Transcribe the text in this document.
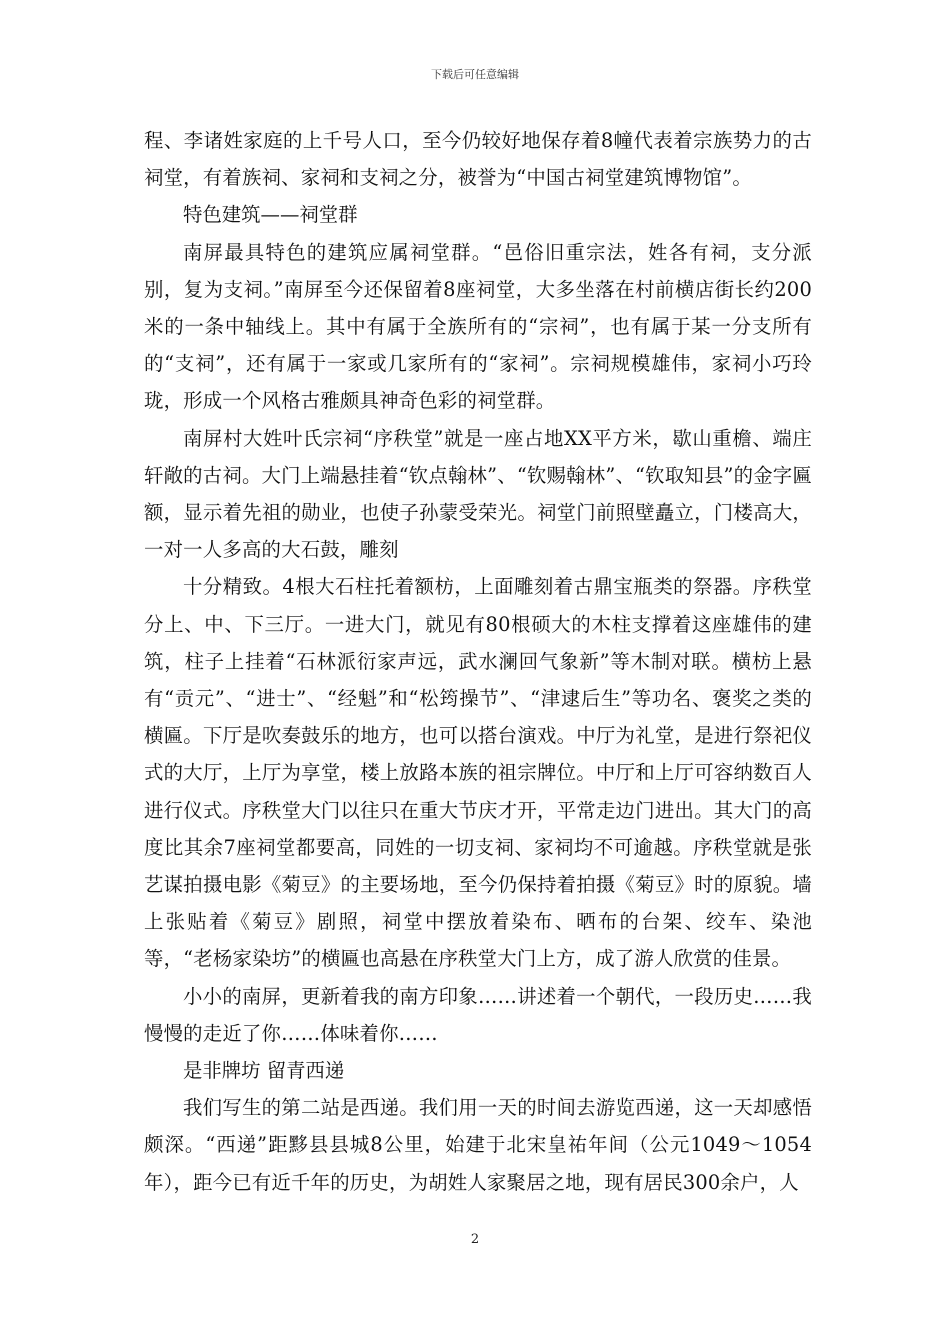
下载后可任意编辑

程、李诸姓家庭的上千号人口，至今仍较好地保存着8幢代表着宗族势力的古祠堂，有着族祠、家祠和支祠之分，被誉为“中国古祠堂建筑博物馆”。

特色建筑——祠堂群

南屏最具特色的建筑应属祠堂群。“邑俗旧重宗法，姓各有祠，支分派别，复为支祠。”南屏至今还保留着8座祠堂，大多坐落在村前横店街长约200米的一条中轴线上。其中有属于全族所有的“宗祠”，也有属于某一分支所有的“支祠”，还有属于一家或几家所有的“家祠”。宗祠规模雄伟，家祠小巧玲珑，形成一个风格古雅颇具神奇色彩的祠堂群。

南屏村大姓叶氏宗祠“序秩堂”就是一座占地XX平方米，歇山重檐、端庄轩敞的古祠。大门上端悬挂着“钦点翰林”、“钦赐翰林”、“钦取知县”的金字匾额，显示着先祖的勋业，也使子孙蒙受荣光。祠堂门前照壁矗立，门楼高大，一对一人多高的大石鼓，雕刻

十分精致。4根大石柱托着额枋，上面雕刻着古鼎宝瓶类的祭器。序秩堂分上、中、下三厅。一进大门，就见有80根硕大的木柱支撑着这座雄伟的建筑，柱子上挂着“石林派衍家声远，武水澜回气象新”等木制对联。横枋上悬有“贡元”、“进士”、“经魁”和“松筠操节”、“津逮后生”等功名、褒奖之类的横匾。下厅是吹奏鼓乐的地方，也可以搭台演戏。中厅为礼堂，是进行祭祀仪式的大厅，上厅为享堂，楼上放路本族的祖宗牌位。中厅和上厅可容纳数百人进行仪式。序秩堂大门以往只在重大节庆才开，平常走边门进出。其大门的高度比其余7座祠堂都要高，同姓的一切支祠、家祠均不可逾越。序秩堂就是张艺谋拍摄电影《菊豆》的主要场地，至今仍保持着拍摄《菊豆》时的原貌。墙上张贴着《菊豆》剧照，祠堂中摆放着染布、晒布的台架、绞车、染池等，“老杨家染坊”的横匾也高悬在序秩堂大门上方，成了游人欣赏的佳景。

小小的南屏，更新着我的南方印象……讲述着一个朝代，一段历史……我慢慢的走近了你……体味着你……

是非牌坊 留青西递

我们写生的第二站是西递。我们用一天的时间去游览西递，这一天却感悟颇深。“西递”距黟县县城8公里，始建于北宋皇祐年间（公元1049～1054年），距今已有近千年的历史，为胡姓人家聚居之地，现有居民300余户，人

2
